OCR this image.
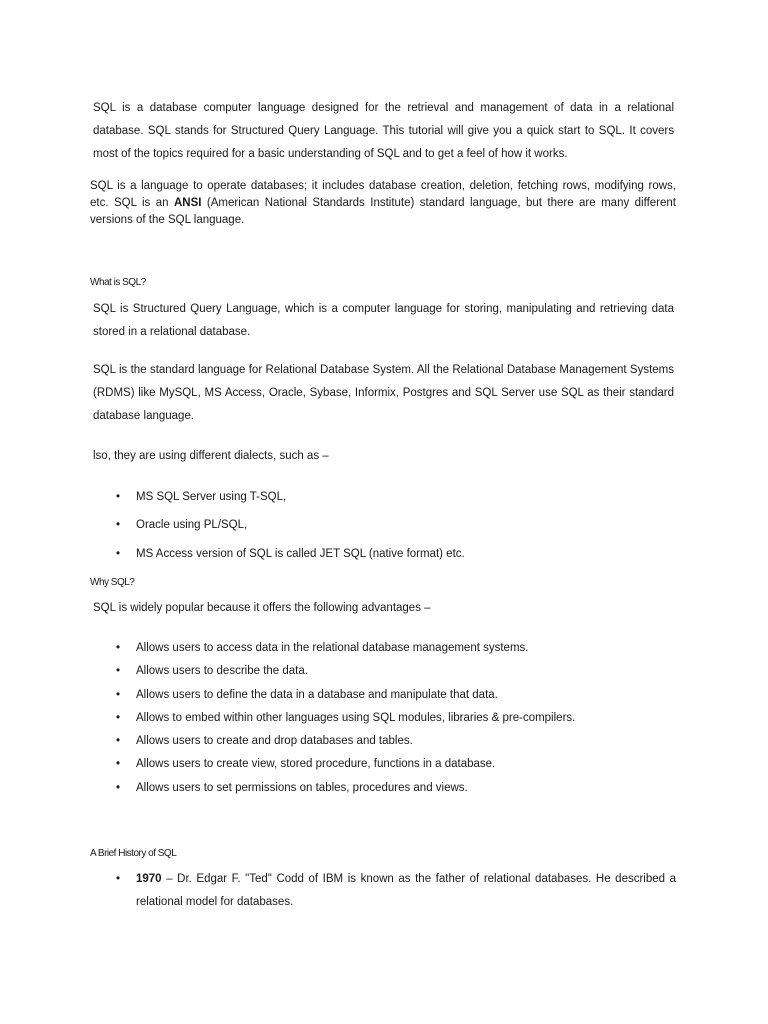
SQL is a database computer language designed for the retrieval and management of data in a relational database. SQL stands for Structured Query Language. This tutorial will give you a quick start to SQL. It covers most of the topics required for a basic understanding of SQL and to get a feel of how it works.

SQL is a language to operate databases; it includes database creation, deletion, fetching rows, modifying rows, etc. SQL is an ANSI (American National Standards Institute) standard language, but there are many different versions of the SQL language.

What is SQL?

SQL is Structured Query Language, which is a computer language for storing, manipulating and retrieving data stored in a relational database.

SQL is the standard language for Relational Database System. All the Relational Database Management Systems (RDMS) like MySQL, MS Access, Oracle, Sybase, Informix, Postgres and SQL Server use SQL as their standard database language.

lso, they are using different dialects, such as –

• MS SQL Server using T-SQL,
• Oracle using PL/SQL,
• MS Access version of SQL is called JET SQL (native format) etc.
Why SQL?

SQL is widely popular because it offers the following advantages –

• Allows users to access data in the relational database management systems.
• Allows users to describe the data.
• Allows users to define the data in a database and manipulate that data.
• Allows to embed within other languages using SQL modules, libraries & pre-compilers.
• Allows users to create and drop databases and tables.
• Allows users to create view, stored procedure, functions in a database.
• Allows users to set permissions on tables, procedures and views.
A Brief History of SQL
• 1970 – Dr. Edgar F. "Ted" Codd of IBM is known as the father of relational databases. He described a relational model for databases.
